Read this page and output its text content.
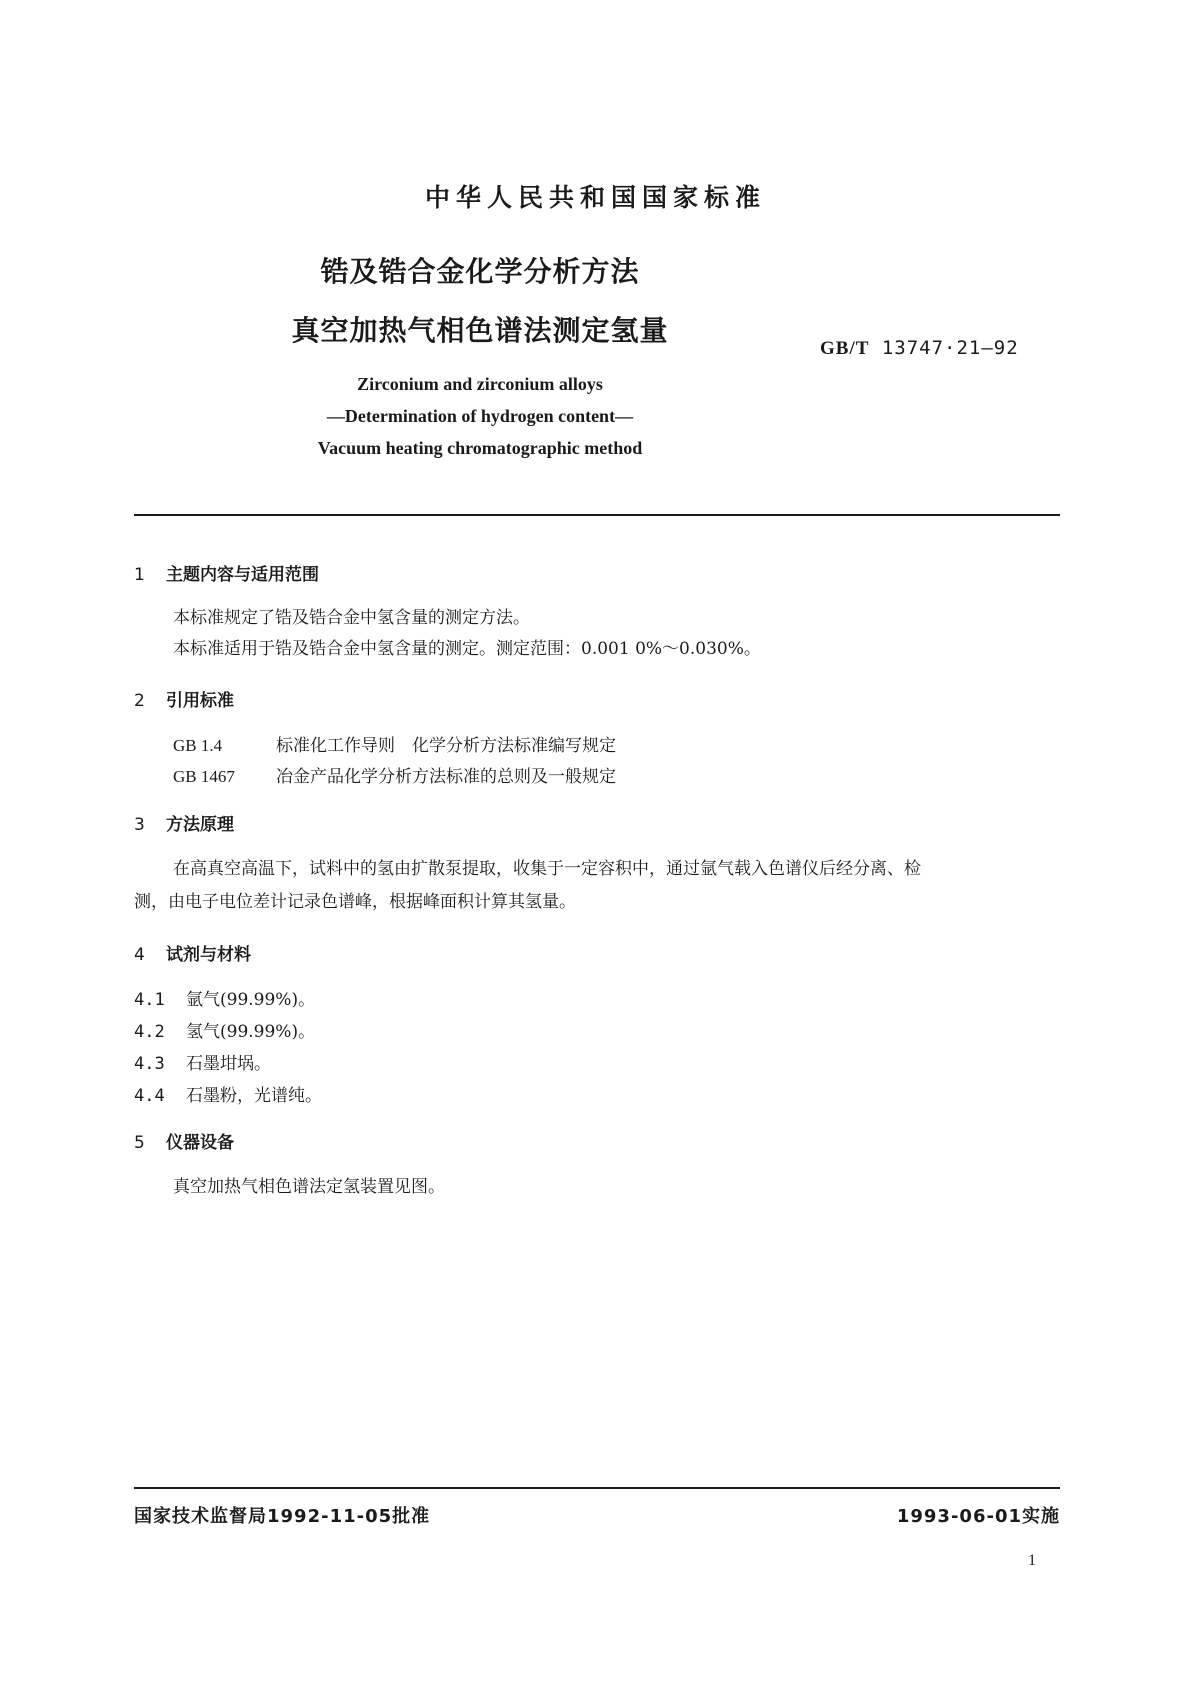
中华人民共和国国家标准
锆及锆合金化学分析方法
真空加热气相色谱法测定氢量
GB/T 13747·21—92
Zirconium and zirconium alloys
—Determination of hydrogen content—
Vacuum heating chromatographic method
1 主题内容与适用范围
本标准规定了锆及锆合金中氢含量的测定方法。
本标准适用于锆及锆合金中氢含量的测定。测定范围：0.001 0%～0.030%。
2 引用标准
GB 1.4	标准化工作导则　化学分析方法标准编写规定
GB 1467 冶金产品化学分析方法标准的总则及一般规定
3 方法原理
在高真空高温下，试料中的氢由扩散泵提取，收集于一定容积中，通过氩气载入色谱仪后经分离、检
测，由电子电位差计记录色谱峰，根据峰面积计算其氢量。
4 试剂与材料
4.1 氩气(99.99%)。
4.2 氢气(99.99%)。
4.3 石墨坩埚。
4.4 石墨粉，光谱纯。
5 仪器设备
真空加热气相色谱法定氢装置见图。
国家技术监督局1992-11-05批准	1993-06-01实施
1
